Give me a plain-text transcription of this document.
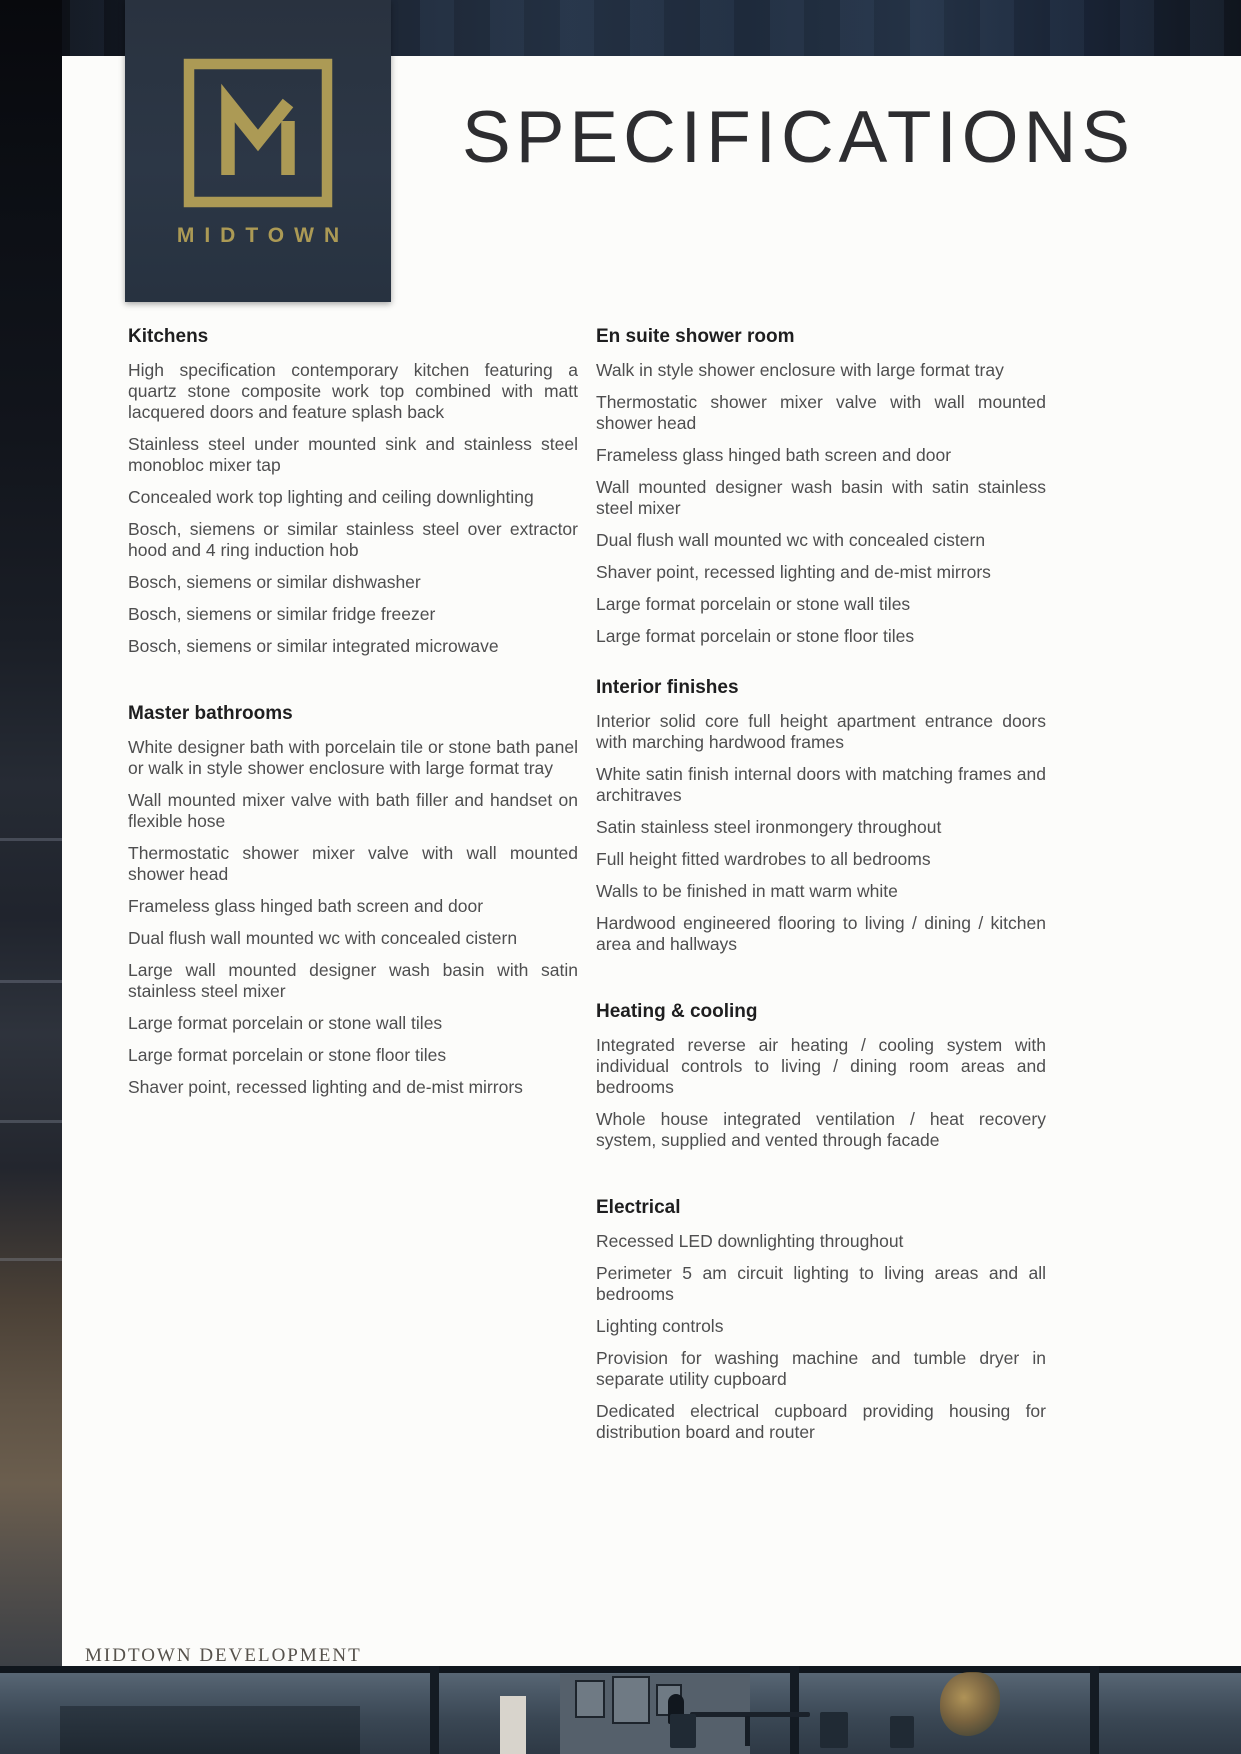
MIDTOWN
SPECIFICATIONS
Kitchens

High specification contemporary kitchen featuring a quartz stone composite work top combined with matt lacquered doors and feature splash back

Stainless steel under mounted sink and stainless steel monobloc mixer tap

Concealed work top lighting and ceiling downlighting

Bosch, siemens or similar stainless steel over extractor hood and 4 ring induction hob

Bosch, siemens or similar dishwasher

Bosch, siemens or similar fridge freezer

Bosch, siemens or similar integrated microwave

Master bathrooms

White designer bath with porcelain tile or stone bath panel or walk in style shower enclosure with large format tray

Wall mounted mixer valve with bath filler and handset on flexible hose

Thermostatic shower mixer valve with wall mounted shower head

Frameless glass hinged bath screen and door

Dual flush wall mounted wc with concealed cistern

Large wall mounted designer wash basin with satin stainless steel mixer

Large format porcelain or stone wall tiles

Large format porcelain or stone floor tiles

Shaver point, recessed lighting and de-mist mirrors

En suite shower room

Walk in style shower enclosure with large format tray

Thermostatic shower mixer valve with wall mounted shower head

Frameless glass hinged bath screen and door

Wall mounted designer wash basin with satin stainless steel mixer

Dual flush wall mounted wc with concealed cistern

Shaver point, recessed lighting and de-mist mirrors

Large format porcelain or stone wall tiles

Large format porcelain or stone floor tiles

Interior finishes

Interior solid core full height apartment entrance doors with marching hardwood frames

White satin finish internal doors with matching frames and architraves

Satin stainless steel ironmongery throughout

Full height fitted wardrobes to all bedrooms

Walls to be finished in matt warm white

Hardwood engineered flooring to living / dining / kitchen area and hallways

Heating & cooling

Integrated reverse air heating / cooling system with individual controls to living / dining room areas and bedrooms

Whole house integrated ventilation / heat recovery system, supplied and vented through facade

Electrical

Recessed LED downlighting throughout

Perimeter 5 am circuit lighting to living areas and all bedrooms

Lighting controls

Provision for washing machine and tumble dryer in separate utility cupboard

Dedicated electrical cupboard providing housing for distribution board and router

MIDTOWN DEVELOPMENT
